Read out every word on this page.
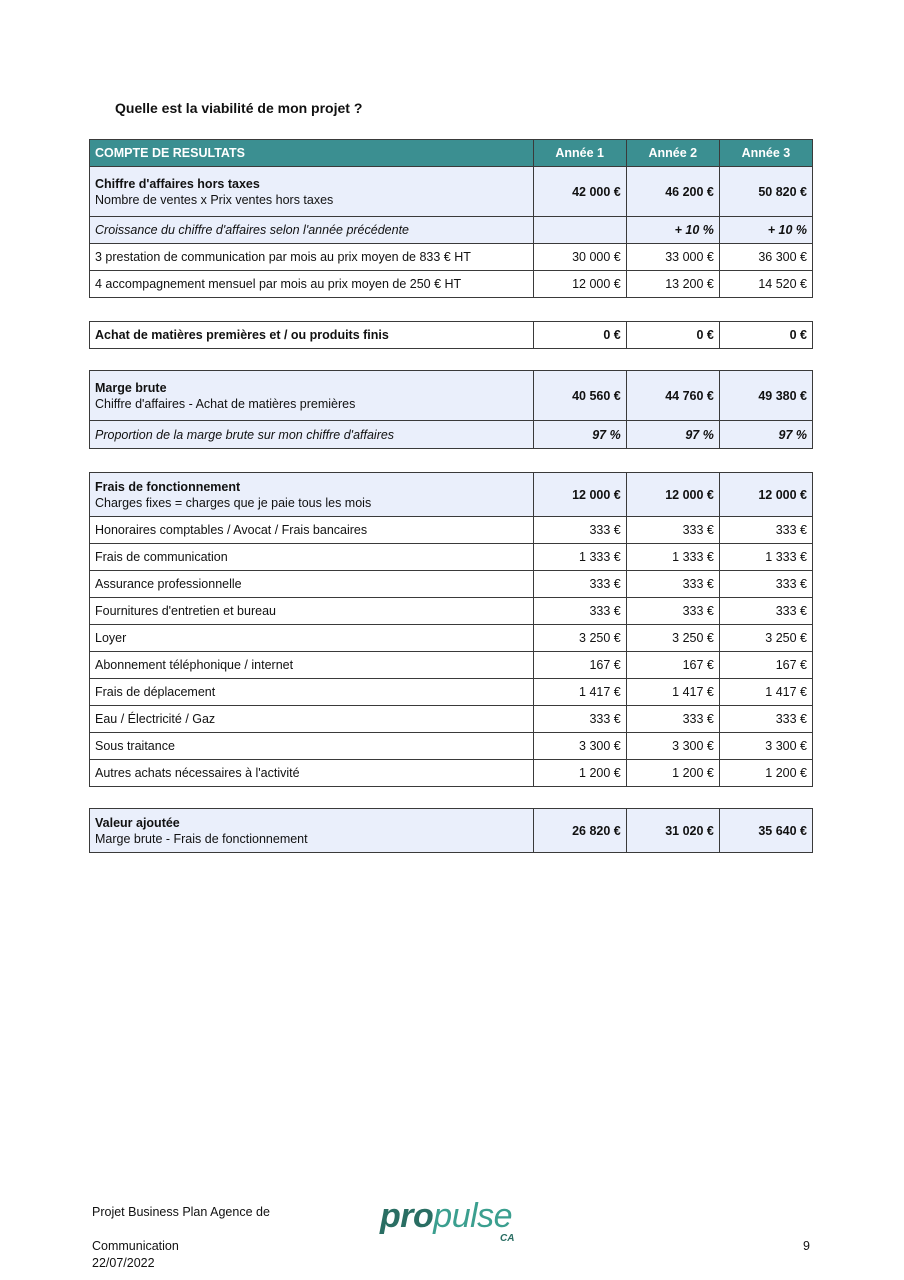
Quelle est la viabilité de mon projet ?
COMPTE DE RESULTATS	Année 1	Année 2	Année 3
Chiffre d'affaires hors taxes
Nombre de ventes x Prix ventes hors taxes	42 000 €	46 200 €	50 820 €
Croissance du chiffre d'affaires selon l'année précédente		+ 10 %	+ 10 %
3 prestation de communication par mois au prix moyen de 833 € HT	30 000 €	33 000 €	36 300 €
4 accompagnement mensuel par mois au prix moyen de 250 € HT	12 000 €	13 200 €	14 520 €
Achat de matières premières et / ou produits finis	0 €	0 €	0 €
Marge brute
Chiffre d'affaires - Achat de matières premières	40 560 €	44 760 €	49 380 €
Proportion de la marge brute sur mon chiffre d'affaires	97 %	97 %	97 %
Frais de fonctionnement
Charges fixes = charges que je paie tous les mois	12 000 €	12 000 €	12 000 €
Honoraires comptables / Avocat / Frais bancaires	333 €	333 €	333 €
Frais de communication	1 333 €	1 333 €	1 333 €
Assurance professionnelle	333 €	333 €	333 €
Fournitures d'entretien et bureau	333 €	333 €	333 €
Loyer	3 250 €	3 250 €	3 250 €
Abonnement téléphonique / internet	167 €	167 €	167 €
Frais de déplacement	1 417 €	1 417 €	1 417 €
Eau / Électricité / Gaz	333 €	333 €	333 €
Sous traitance	3 300 €	3 300 €	3 300 €
Autres achats nécessaires à l'activité	1 200 €	1 200 €	1 200 €
Valeur ajoutée
Marge brute - Frais de fonctionnement
	26 820 €	31 020 €	35 640 €
Projet Business Plan Agence de
Communication
22/07/2022
propulse
CA
9
